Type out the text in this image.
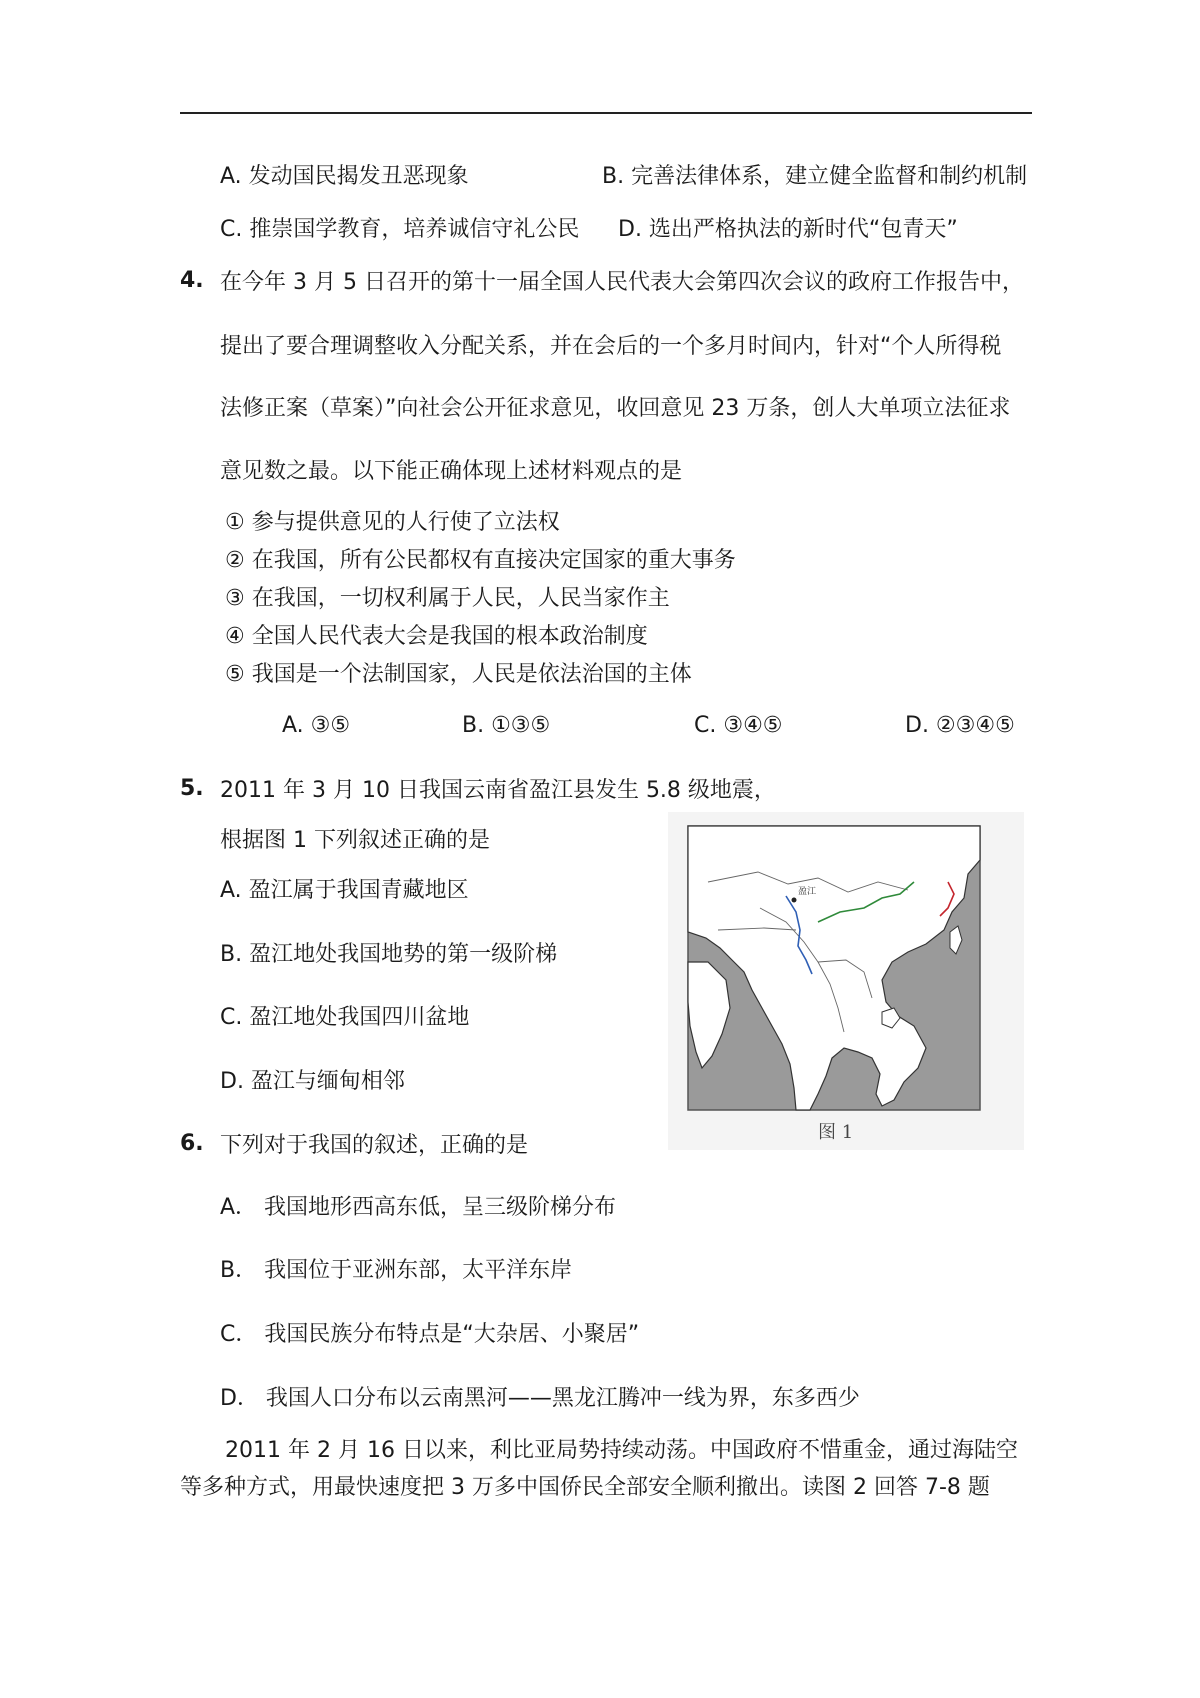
A. 发动国民揭发丑恶现象	B. 完善法律体系，建立健全监督和制约机制
C. 推崇国学教育，培养诚信守礼公民 D. 选出严格执法的新时代“包青天”
4. 在今年 3 月 5 日召开的第十一届全国人民代表大会第四次会议的政府工作报告中，
提出了要合理调整收入分配关系，并在会后的一个多月时间内，针对“个人所得税
法修正案（草案）”向社会公开征求意见，收回意见 23 万条，创人大单项立法征求
意见数之最。以下能正确体现上述材料观点的是
① 参与提供意见的人行使了立法权
② 在我国，所有公民都权有直接决定国家的重大事务
③ 在我国，一切权利属于人民，人民当家作主
④ 全国人民代表大会是我国的根本政治制度
⑤ 我国是一个法制国家，人民是依法治国的主体
A. ③⑤	B. ①③⑤	C. ③④⑤	D. ②③④⑤
5. 2011 年 3 月 10 日我国云南省盈江县发生 5.8 级地震，
根据图 1 下列叙述正确的是
A. 盈江属于我国青藏地区
B. 盈江地处我国地势的第一级阶梯
C. 盈江地处我国四川盆地
D. 盈江与缅甸相邻
盈江
图 1
6. 下列对于我国的叙述，正确的是
A． 我国地形西高东低，呈三级阶梯分布
B． 我国位于亚洲东部，太平洋东岸
C． 我国民族分布特点是“大杂居、小聚居”
D． 我国人口分布以云南黑河——黑龙江腾冲一线为界，东多西少
2011 年 2 月 16 日以来，利比亚局势持续动荡。中国政府不惜重金，通过海陆空
等多种方式，用最快速度把 3 万多中国侨民全部安全顺利撤出。读图 2 回答 7-8 题
